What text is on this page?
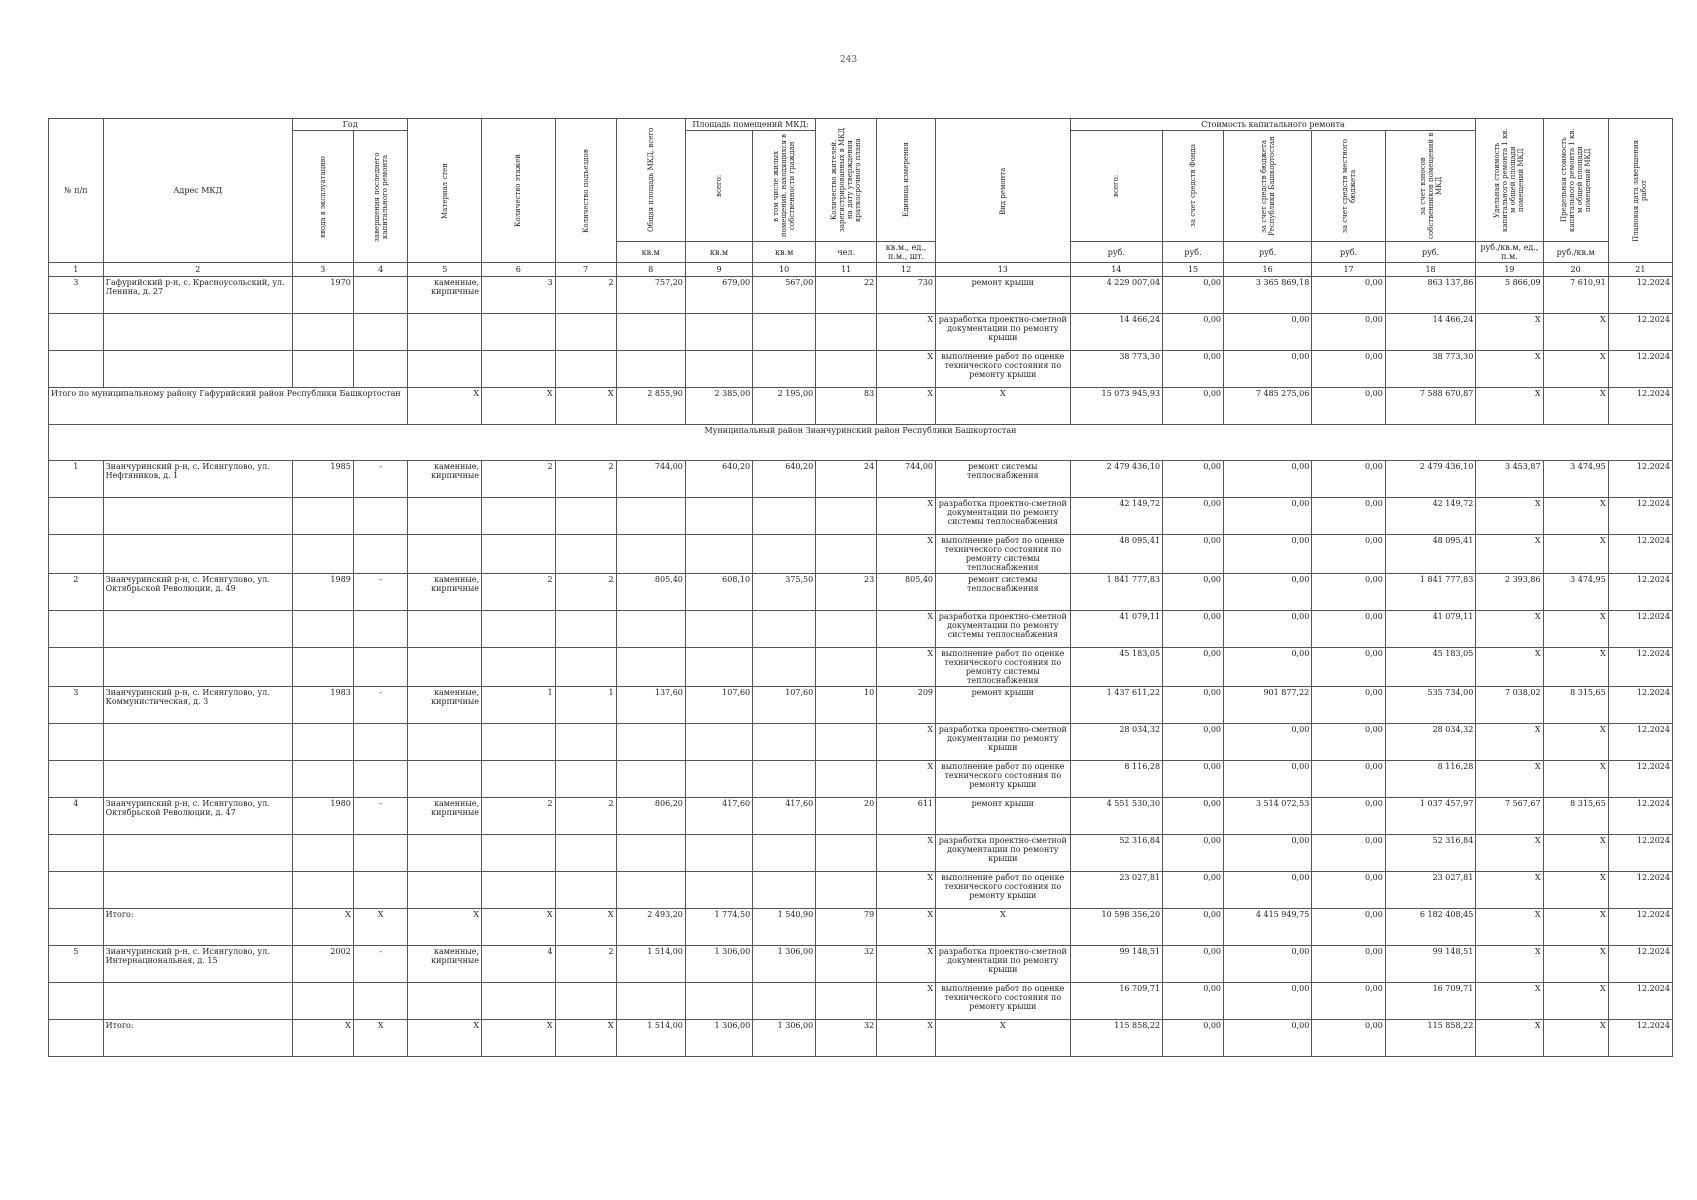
243
№ п/п	Адрес МКД	Год		Материал стен	Количество этажей	Количество подъездов	Общая площадь МКД, всего	Площадь помещений МКД:		Количество жителей, зарегистрированных в МКД на дату утверждения краткосрочного плана	Единица измерения	Вид ремонта	Стоимость капитального ремонта					Удельная стоимость капитального ремонта 1 кв. м общей площади помещений МКД	Предельная стоимость капитального ремонта 1 кв. м общей площади помещений МКД	Плановая дата завершения работ

		ввода в эксплуатацию	завершения последнего капитального ремонта					всего:	в том числе жилых помещений, находящихся в собственности граждан				всего:	за счет средств Фонда	за счет средств бюджета Республики Башкортостан	за счет средств местного бюджета	за счет взносов собственников помещений в МКД			

							кв.м	кв.м	кв.м	чел.	кв.м., ед., п.м., шт.		руб.	руб.	руб.	руб.	руб.	руб./кв.м, ед., п.м.	руб./кв.м	
1	2	3	4	5	6	7	8	9	10	11	12	13	14	15	16	17	18	19	20	21
3	Гафурийский р-н, с. Красноусольский, ул. Ленина, д. 27	1970		каменные, кирпичные	3	2	757,20	679,00	567,00	22	730	ремонт крыши	4 229 007,04	0,00	3 365 869,18	0,00	863 137,86	5 866,09	7 610,91	12.2024
											X	разработка проектно-сметной документации по ремонту крыши	14 466,24	0,00	0,00	0,00	14 466,24	X	X	12.2024
											X	выполнение работ по оценке технического состояния по ремонту крыши	38 773,30	0,00	0,00	0,00	38 773,30	X	X	12.2024
Итого по муниципальному району Гафурийский район Республики Башкортостан				X	X	X	2 855,90	2 385,00	2 195,00	83	X	X	15 073 945,93	0,00	7 485 275,06	0,00	7 588 670,87	X	X	12.2024
Муниципальный район Зианчуринский район Республики Башкортостан																				
1	Зианчуринский р-н, с. Исянгулово, ул. Нефтяников, д. 1	1985	-	каменные, кирпичные	2	2	744,00	640,20	640,20	24	744,00	ремонт системы теплоснабжения	2 479 436,10	0,00	0,00	0,00	2 479 436,10	3 453,87	3 474,95	12.2024
											X	разработка проектно-сметной документации по ремонту системы теплоснабжения	42 149,72	0,00	0,00	0,00	42 149,72	X	X	12.2024
											X	выполнение работ по оценке технического состояния по ремонту системы теплоснабжения	48 095,41	0,00	0,00	0,00	48 095,41	X	X	12.2024
2	Зианчуринский р-н, с. Исянгулово, ул. Октябрьской Революции, д. 49	1989	-	каменные, кирпичные	2	2	805,40	608,10	375,50	23	805,40	ремонт системы теплоснабжения	1 841 777,83	0,00	0,00	0,00	1 841 777,83	2 393,86	3 474,95	12.2024
											X	разработка проектно-сметной документации по ремонту системы теплоснабжения	41 079,11	0,00	0,00	0,00	41 079,11	X	X	12.2024
											X	выполнение работ по оценке технического состояния по ремонту системы теплоснабжения	45 183,05	0,00	0,00	0,00	45 183,05	X	X	12.2024
3	Зианчуринский р-н, с. Исянгулово, ул. Коммунистическая, д. 3	1983	-	каменные, кирпичные	1	1	137,60	107,60	107,60	10	209	ремонт крыши	1 437 611,22	0,00	901 877,22	0,00	535 734,00	7 038,02	8 315,65	12.2024
											X	разработка проектно-сметной документации по ремонту крыши	28 034,32	0,00	0,00	0,00	28 034,32	X	X	12.2024
											X	выполнение работ по оценке технического состояния по ремонту крыши	8 116,28	0,00	0,00	0,00	8 116,28	X	X	12.2024
4	Зианчуринский р-н, с. Исянгулово, ул. Октябрьской Революции, д. 47	1980	-	каменные, кирпичные	2	2	806,20	417,60	417,60	20	611	ремонт крыши	4 551 530,30	0,00	3 514 072,53	0,00	1 037 457,97	7 567,67	8 315,65	12.2024
											X	разработка проектно-сметной документации по ремонту крыши	52 316,84	0,00	0,00	0,00	52 316,84	X	X	12.2024
											X	выполнение работ по оценке технического состояния по ремонту крыши	23 027,81	0,00	0,00	0,00	23 027,81	X	X	12.2024
	Итого:	X	X	X	X	X	2 493,20	1 774,50	1 540,90	79	X	X	10 598 356,20	0,00	4 415 949,75	0,00	6 182 408,45	X	X	12.2024
5	Зианчуринский р-н, с. Исянгулово, ул. Интернациональная, д. 15	2002	-	каменные, кирпичные	4	2	1 514,00	1 306,00	1 306,00	32	X	разработка проектно-сметной документации по ремонту крыши	99 148,51	0,00	0,00	0,00	99 148,51	X	X	12.2024
											X	выполнение работ по оценке технического состояния по ремонту крыши	16 709,71	0,00	0,00	0,00	16 709,71	X	X	12.2024
	Итого:	X	X	X	X	X	1 514,00	1 306,00	1 306,00	32	X	X	115 858,22	0,00	0,00	0,00	115 858,22	X	X	12.2024
